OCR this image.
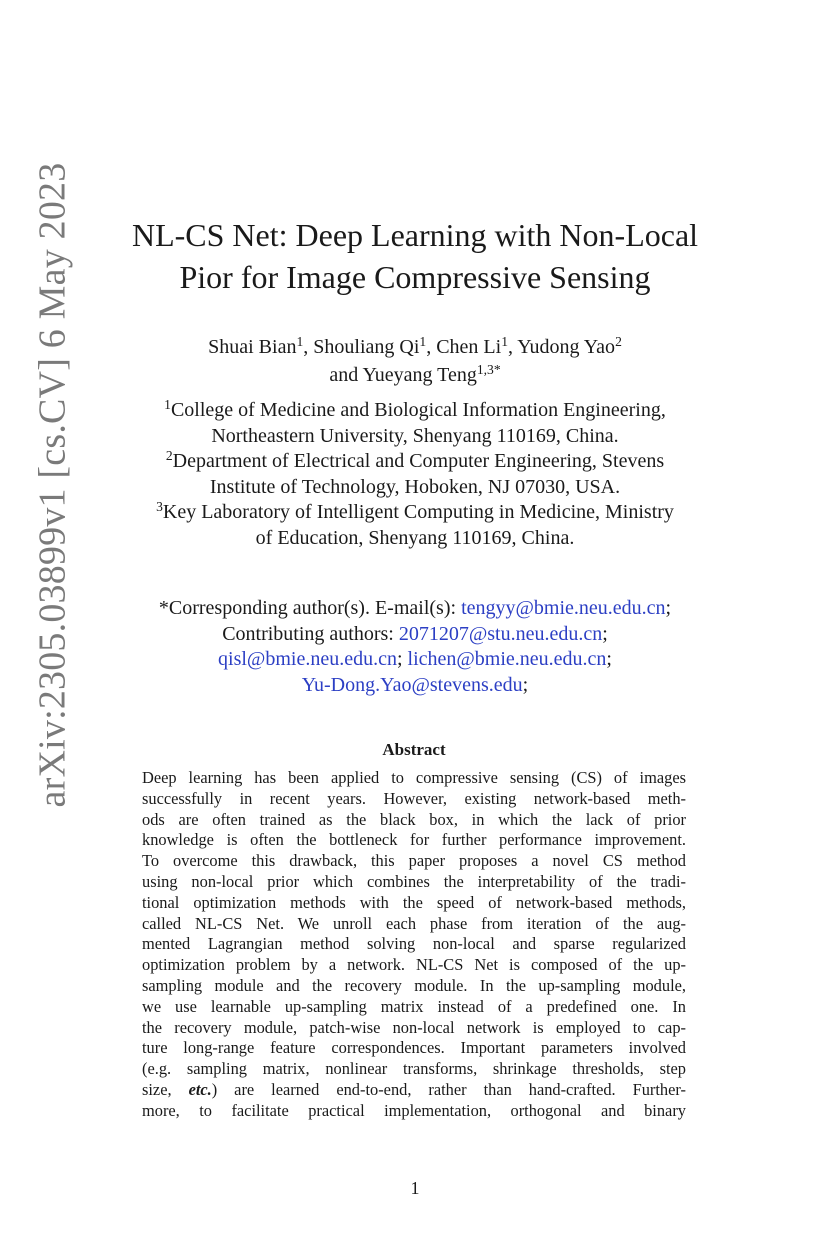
arXiv:2305.03899v1 [cs.CV] 6 May 2023	NL-CS Net: Deep Learning with Non-Local
Pior for Image Compressive Sensing
Shuai Bian$^1$, Shouliang Qi$^1$, Chen Li$^1$, Yudong Yao$^2$
and Yueyang Teng$^{1,3*}$
$^1$College of Medicine and Biological Information Engineering,
Northeastern University, Shenyang 110169, China.
$^2$Department of Electrical and Computer Engineering, Stevens
Institute of Technology, Hoboken, NJ 07030, USA.
$^3$Key Laboratory of Intelligent Computing in Medicine, Ministry
of Education, Shenyang 110169, China.
*Corresponding author(s). E-mail(s): tengyy@bmie.neu.edu.cn;
Contributing authors: 2071207@stu.neu.edu.cn;
qisl@bmie.neu.edu.cn; lichen@bmie.neu.edu.cn;
Yu-Dong.Yao@stevens.edu;
Abstract
Deep learning has been applied to compressive sensing (CS) of images
successfully in recent years. However, existing network-based meth-
ods are often trained as the black box, in which the lack of prior
knowledge is often the bottleneck for further performance improvement.
To overcome this drawback, this paper proposes a novel CS method
using non-local prior which combines the interpretability of the tradi-
tional optimization methods with the speed of network-based methods,
called NL-CS Net. We unroll each phase from iteration of the aug-
mented Lagrangian method solving non-local and sparse regularized
optimization problem by a network. NL-CS Net is composed of the up-
sampling module and the recovery module. In the up-sampling module,
we use learnable up-sampling matrix instead of a predefined one. In
the recovery module, patch-wise non-local network is employed to cap-
ture long-range feature correspondences. Important parameters involved
(e.g. sampling matrix, nonlinear transforms, shrinkage thresholds, step
size, etc.) are learned end-to-end, rather than hand-crafted. Further-
more, to facilitate practical implementation, orthogonal and binary
1
